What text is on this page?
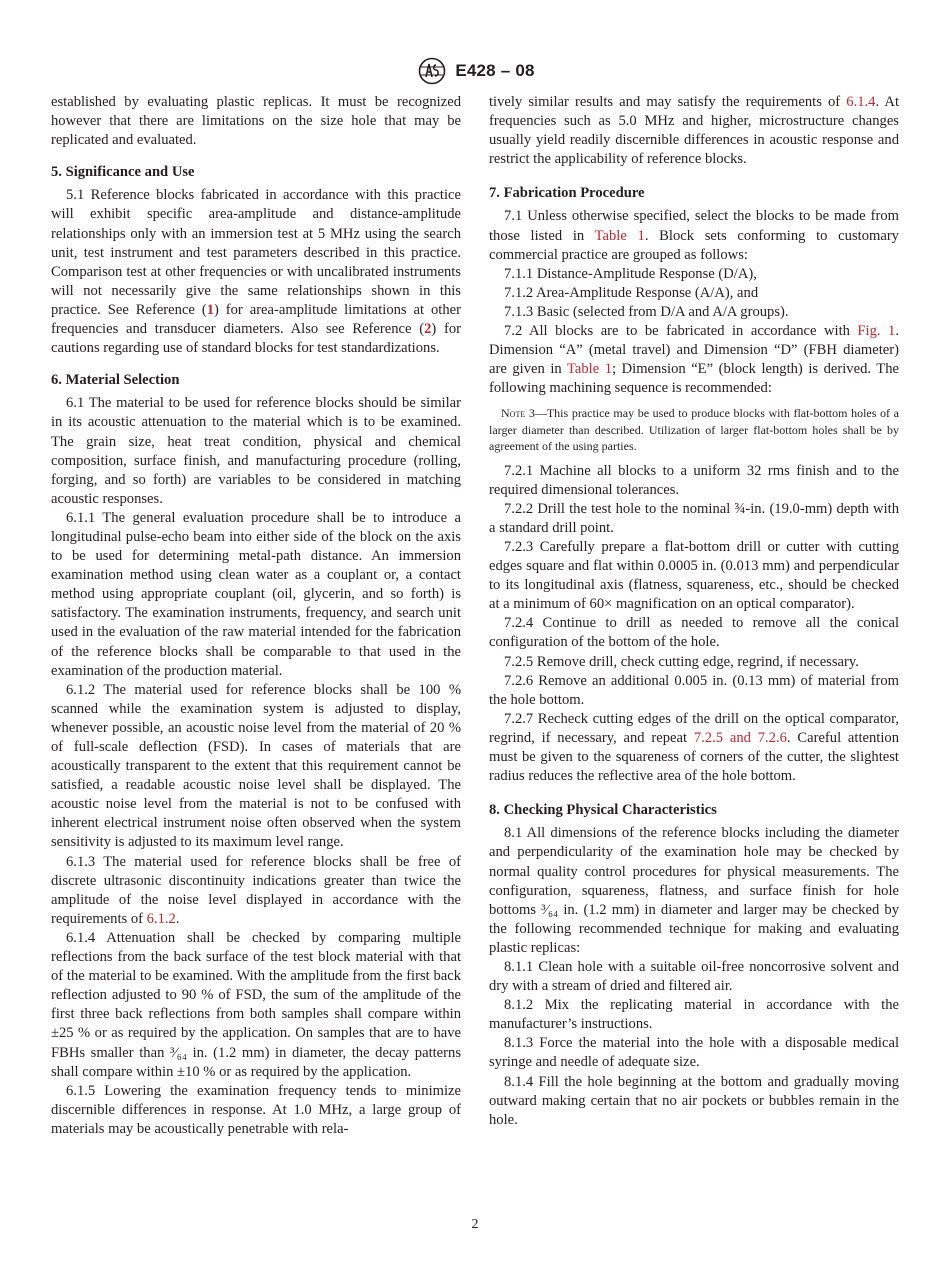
E428 – 08

established by evaluating plastic replicas. It must be recognized however that there are limitations on the size hole that may be replicated and evaluated.

5. Significance and Use

5.1 Reference blocks fabricated in accordance with this practice will exhibit specific area-amplitude and distance-amplitude relationships only with an immersion test at 5 MHz using the search unit, test instrument and test parameters described in this practice. Comparison test at other frequencies or with uncalibrated instruments will not necessarily give the same relationships shown in this practice. See Reference (1) for area-amplitude limitations at other frequencies and transducer diameters. Also see Reference (2) for cautions regarding use of standard blocks for test standardizations.

6. Material Selection

6.1 The material to be used for reference blocks should be similar in its acoustic attenuation to the material which is to be examined. The grain size, heat treat condition, physical and chemical composition, surface finish, and manufacturing procedure (rolling, forging, and so forth) are variables to be considered in matching acoustic responses.

6.1.1 The general evaluation procedure shall be to introduce a longitudinal pulse-echo beam into either side of the block on the axis to be used for determining metal-path distance. An immersion examination method using clean water as a couplant or, a contact method using appropriate couplant (oil, glycerin, and so forth) is satisfactory. The examination instruments, frequency, and search unit used in the evaluation of the raw material intended for the fabrication of the reference blocks shall be comparable to that used in the examination of the production material.

6.1.2 The material used for reference blocks shall be 100 % scanned while the examination system is adjusted to display, whenever possible, an acoustic noise level from the material of 20 % of full-scale deflection (FSD). In cases of materials that are acoustically transparent to the extent that this requirement cannot be satisfied, a readable acoustic noise level shall be displayed. The acoustic noise level from the material is not to be confused with inherent electrical instrument noise often observed when the system sensitivity is adjusted to its maximum level range.

6.1.3 The material used for reference blocks shall be free of discrete ultrasonic discontinuity indications greater than twice the amplitude of the noise level displayed in accordance with the requirements of 6.1.2.

6.1.4 Attenuation shall be checked by comparing multiple reflections from the back surface of the test block material with that of the material to be examined. With the amplitude from the first back reflection adjusted to 90 % of FSD, the sum of the amplitude of the first three back reflections from both samples shall compare within ±25 % or as required by the application. On samples that are to have FBHs smaller than ³⁄₆₄ in. (1.2 mm) in diameter, the decay patterns shall compare within ±10 % or as required by the application.

6.1.5 Lowering the examination frequency tends to minimize discernible differences in response. At 1.0 MHz, a large group of materials may be acoustically penetrable with rela-

tively similar results and may satisfy the requirements of 6.1.4. At frequencies such as 5.0 MHz and higher, microstructure changes usually yield readily discernible differences in acoustic response and restrict the applicability of reference blocks.

7. Fabrication Procedure

7.1 Unless otherwise specified, select the blocks to be made from those listed in Table 1. Block sets conforming to customary commercial practice are grouped as follows:

7.1.1 Distance-Amplitude Response (D/A),

7.1.2 Area-Amplitude Response (A/A), and

7.1.3 Basic (selected from D/A and A/A groups).

7.2 All blocks are to be fabricated in accordance with Fig. 1. Dimension “A” (metal travel) and Dimension “D” (FBH diameter) are given in Table 1; Dimension “E” (block length) is derived. The following machining sequence is recommended:

Note 3—This practice may be used to produce blocks with flat-bottom holes of a larger diameter than described. Utilization of larger flat-bottom holes shall be by agreement of the using parties.

7.2.1 Machine all blocks to a uniform 32 rms finish and to the required dimensional tolerances.

7.2.2 Drill the test hole to the nominal ¾-in. (19.0-mm) depth with a standard drill point.

7.2.3 Carefully prepare a flat-bottom drill or cutter with cutting edges square and flat within 0.0005 in. (0.013 mm) and perpendicular to its longitudinal axis (flatness, squareness, etc., should be checked at a minimum of 60× magnification on an optical comparator).

7.2.4 Continue to drill as needed to remove all the conical configuration of the bottom of the hole.

7.2.5 Remove drill, check cutting edge, regrind, if necessary.

7.2.6 Remove an additional 0.005 in. (0.13 mm) of material from the hole bottom.

7.2.7 Recheck cutting edges of the drill on the optical comparator, regrind, if necessary, and repeat 7.2.5 and 7.2.6. Careful attention must be given to the squareness of corners of the cutter, the slightest radius reduces the reflective area of the hole bottom.

8. Checking Physical Characteristics

8.1 All dimensions of the reference blocks including the diameter and perpendicularity of the examination hole may be checked by normal quality control procedures for physical measurements. The configuration, squareness, flatness, and surface finish for hole bottoms ³⁄₆₄ in. (1.2 mm) in diameter and larger may be checked by the following recommended technique for making and evaluating plastic replicas:

8.1.1 Clean hole with a suitable oil-free noncorrosive solvent and dry with a stream of dried and filtered air.

8.1.2 Mix the replicating material in accordance with the manufacturer’s instructions.

8.1.3 Force the material into the hole with a disposable medical syringe and needle of adequate size.

8.1.4 Fill the hole beginning at the bottom and gradually moving outward making certain that no air pockets or bubbles remain in the hole.

2
